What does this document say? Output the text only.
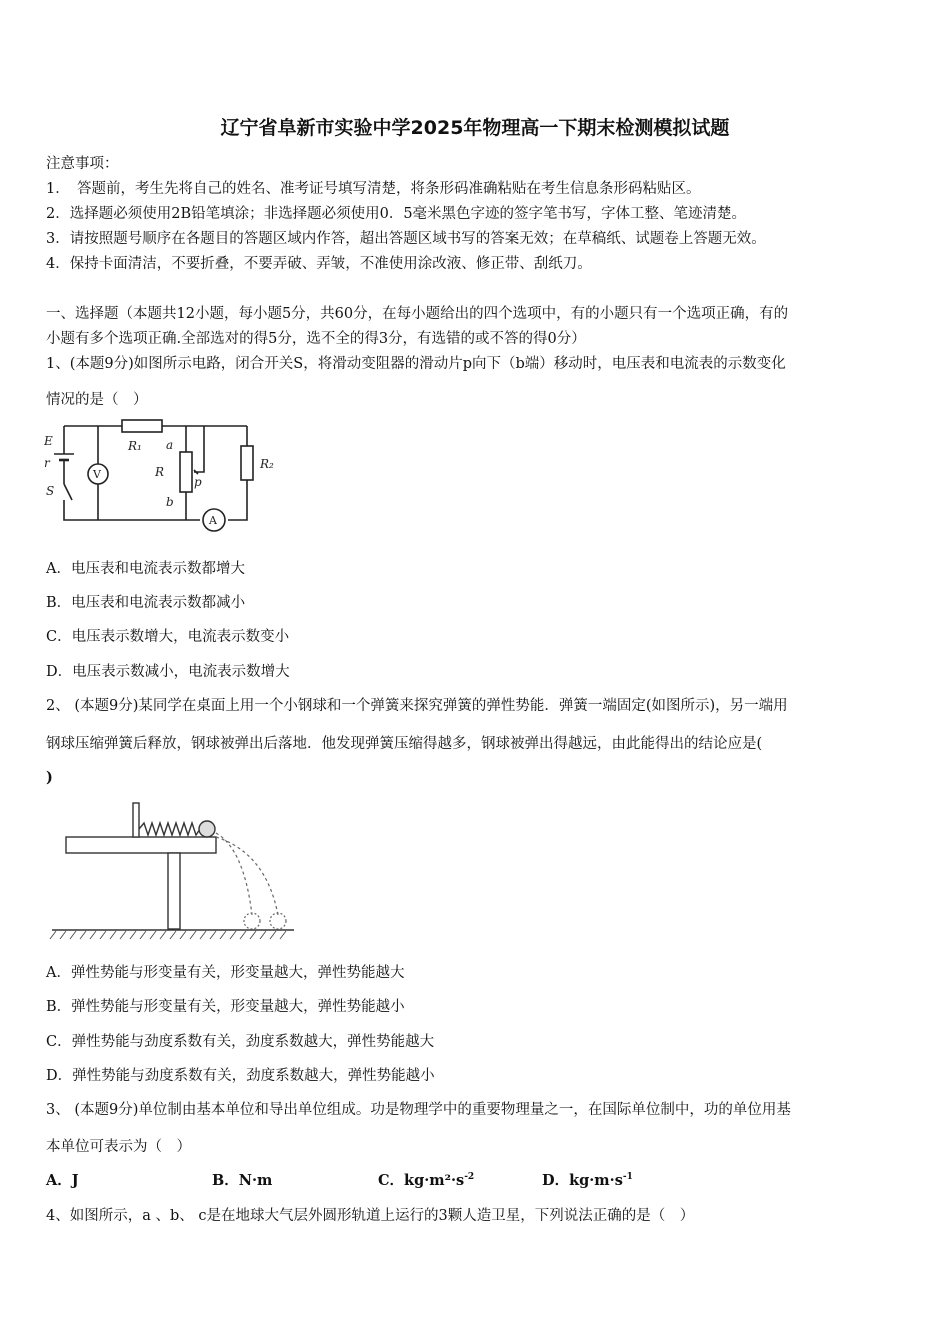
辽宁省阜新市实验中学2025年物理高一下期末检测模拟试题
注意事项：
1．　答题前，考生先将自己的姓名、准考证号填写清楚，将条形码准确粘贴在考生信息条形码粘贴区。
2．选择题必须使用2B铅笔填涂；非选择题必须使用0．5毫米黑色字迹的签字笔书写，字体工整、笔迹清楚。
3．请按照题号顺序在各题目的答题区域内作答，超出答题区域书写的答案无效；在草稿纸、试题卷上答题无效。
4．保持卡面清洁，不要折叠，不要弄破、弄皱，不准使用涂改液、修正带、刮纸刀。
一、选择题（本题共12小题，每小题5分，共60分，在每小题给出的四个选项中，有的小题只有一个选项正确，有的
小题有多个选项正确.全部选对的得5分，选不全的得3分，有选错的或不答的得0分）
1、(本题9分)如图所示电路，闭合开关S，将滑动变阻器的滑动片p向下（b端）移动时，电压表和电流表的示数变化
情况的是（　）
E
r
S
V
R₁ a
R
b
p
R₂
A
A．电压表和电流表示数都增大
B．电压表和电流表示数都减小
C．电压表示数增大，电流表示数变小
D．电压表示数减小，电流表示数增大
2、 (本题9分)某同学在桌面上用一个小钢球和一个弹簧来探究弹簧的弹性势能．弹簧一端固定(如图所示)，另一端用
钢球压缩弹簧后释放，钢球被弹出后落地．他发现弹簧压缩得越多，钢球被弹出得越远，由此能得出的结论应是(
)
A．弹性势能与形变量有关，形变量越大，弹性势能越大
B．弹性势能与形变量有关，形变量越大，弹性势能越小
C．弹性势能与劲度系数有关，劲度系数越大，弹性势能越大
D．弹性势能与劲度系数有关，劲度系数越大，弹性势能越小
3、 (本题9分)单位制由基本单位和导出单位组成。功是物理学中的重要物理量之一，在国际单位制中，功的单位用基
本单位可表示为（　）
A．J	B．N·m	C．$kg\cdot m^2\cdot s^{-2}$	D．$kg\cdot m\cdot s^{-1}$
4、如图所示，a 、b、 c是在地球大气层外圆形轨道上运行的3颗人造卫星，下列说法正确的是（　）
